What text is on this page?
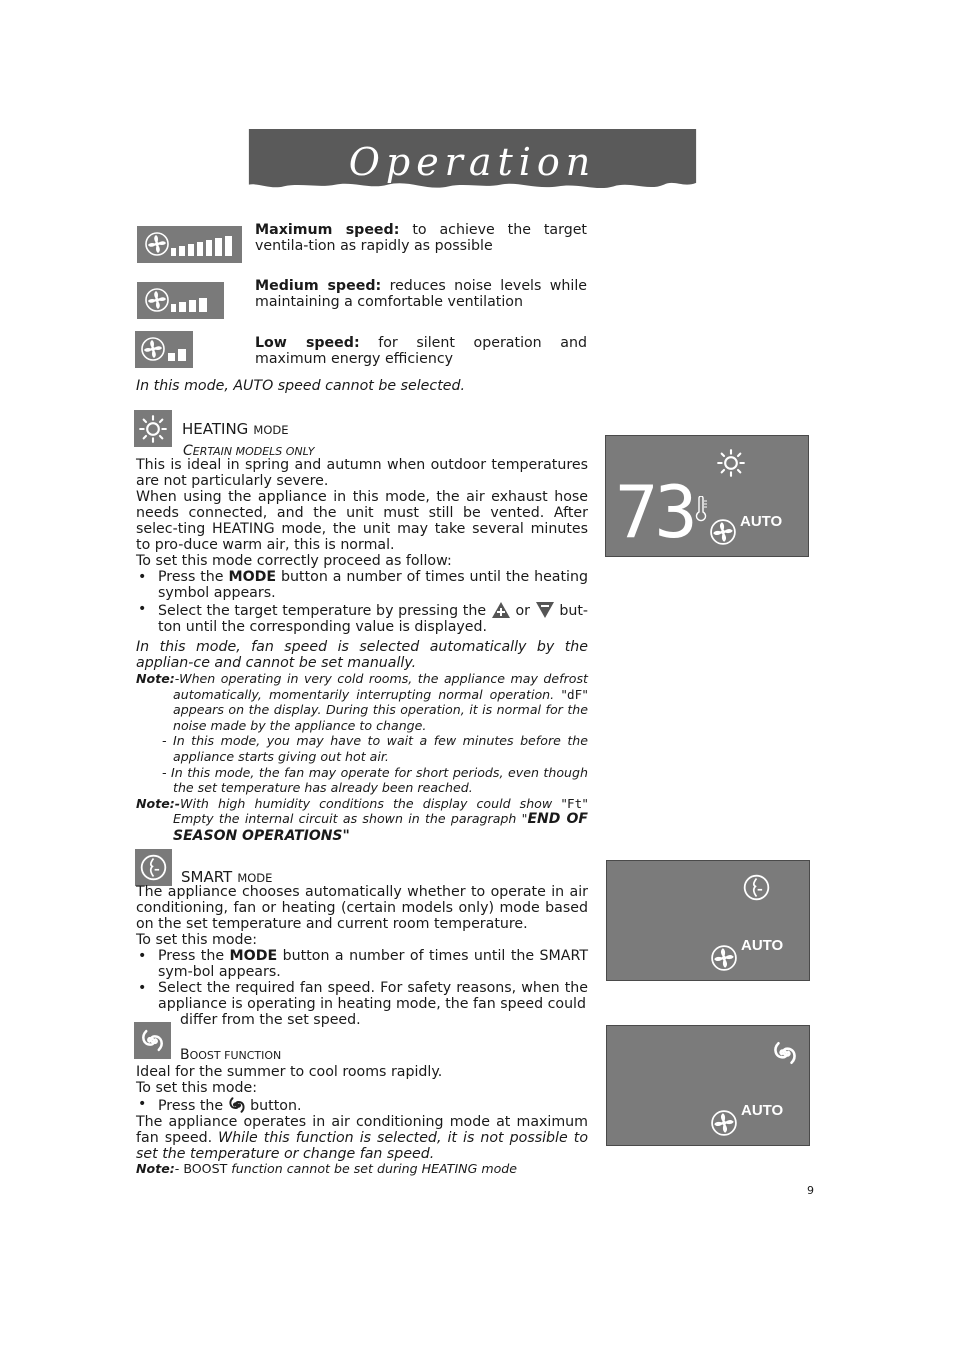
Operation
Maximum speed: to achieve the target ventila-tion as rapidly as possible
Medium speed: reduces noise levels while maintaining a comfortable ventilation
Low speed: for silent operation and maximum energy efficiency
In this mode, AUTO speed cannot be selected.
HEATING MODE
CERTAIN MODELS ONLY
This is ideal in spring and autumn when outdoor temperatures are not particularly severe.
When using the appliance in this mode, the air exhaust hose needs connected, and the unit must still be vented. After selec-ting HEATING mode, the unit may take several minutes to pro-duce warm air, this is normal.
To set this mode correctly proceed as follow:
• Press the MODE button a number of times until the heating symbol appears.
• Select the target temperature by pressing the or but-ton until the corresponding value is displayed.
In this mode, fan speed is selected automatically by the applian-ce and cannot be set manually.
Note:-When operating in very cold rooms, the appliance may defrost automatically, momentarily interrupting normal operation. "dF" appears on the display. During this operation, it is normal for the noise made by the appliance to change.
- In this mode, you may have to wait a few minutes before the appliance starts giving out hot air.
- In this mode, the fan may operate for short periods, even though the set temperature has already been reached.
Note:-With high humidity conditions the display could show "Ft" Empty the internal circuit as shown in the paragraph "END OF SEASON OPERATIONS"
73	AUTO
SMART MODE
The appliance chooses automatically whether to operate in air conditioning, fan or heating (certain models only) mode based on the set temperature and current room temperature.
To set this mode:
• Press the MODE button a number of times until the SMART sym-bol appears.
• Select the required fan speed. For safety reasons, when the appliance is operating in heating mode, the fan speed could
differ from the set speed.
AUTO
BOOST FUNCTION
Ideal for the summer to cool rooms rapidly.
To set this mode:
• Press the button.
The appliance operates in air conditioning mode at maximum fan speed. While this function is selected, it is not possible to set the temperature or change fan speed.
Note:- BOOST function cannot be set during HEATING mode
AUTO
9
